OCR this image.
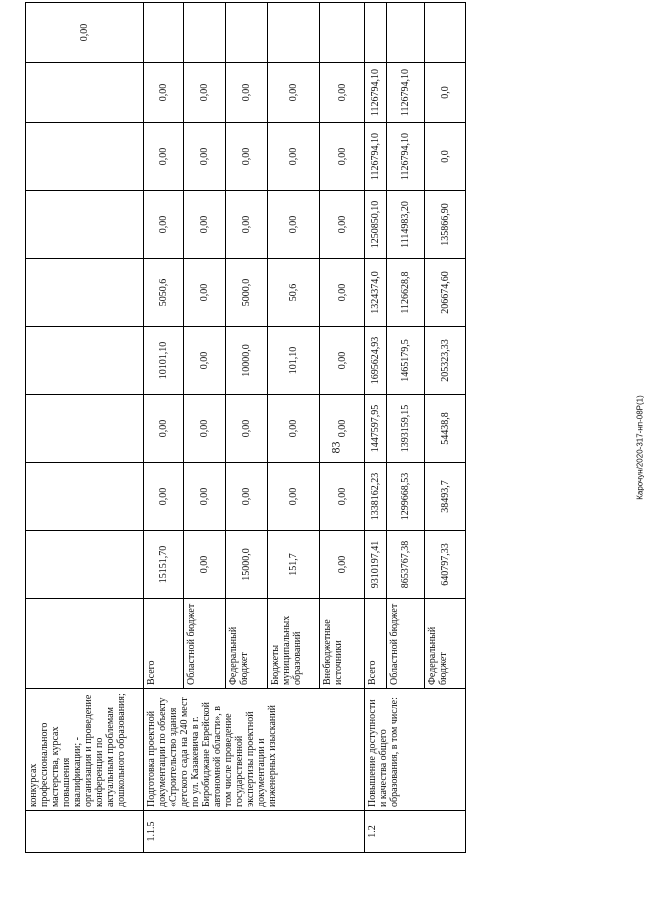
83	Карочун/2020-317-нп-08Р(1)
	конкурсах профессионального мастерства, курсах повышения квалификации; - организация и проведение конференции по актуальным проблемам дошкольного образования;										0,00
1.1.5	Подготовка проектной документации по объекту «Строительство здания детского сада на 240 мест по ул. Казакевича в г. Биробиджане Еврейской автономной области», в том числе проведение государственной экспертизы проектной документации и инженерных изысканий	Всего	15151,70	0,00	0,00	10101,10	5050,6	0,00	0,00	0,00	
		Областной бюджет	0,00	0,00	0,00	0,00	0,00	0,00	0,00	0,00	
		Федеральный бюджет	15000,0	0,00	0,00	10000,0	5000,0	0,00	0,00	0,00	
		Бюджеты муниципальных образований	151,7	0,00	0,00	101,10	50,6	0,00	0,00	0,00	
		Внебюджетные источники	0,00	0,00	0,00	0,00	0,00	0,00	0,00	0,00	
1.2	Повышение доступности и качества общего образования, в том числе:	Всего	9310197,41	1338162,23	1447597,95	1695624,93	1324374,0	1250850,10	1126794,10	1126794,10	
		Областной бюджет	8653767,38	1299668,53	1393159,15	1465179,5	1126628,8	1114983,20	1126794,10	1126794,10	
		Федеральный бюджет	640797,33	38493,7	54438,8	205323,33	206674,60	135866,90	0,0	0,0	
